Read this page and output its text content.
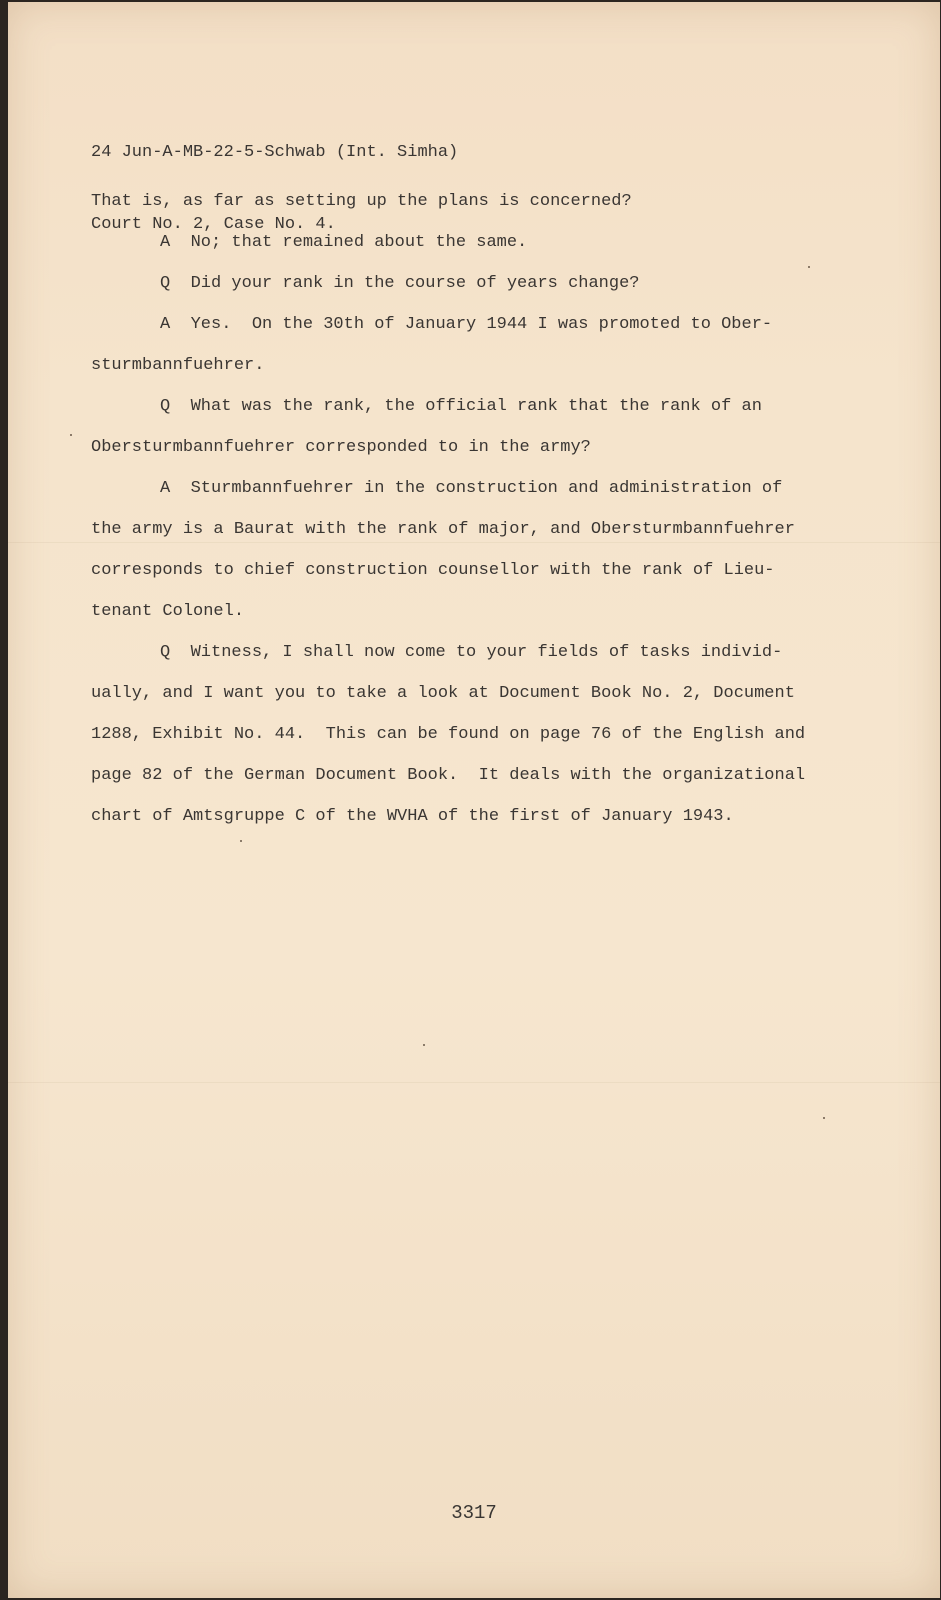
24 Jun-A-MB-22-5-Schwab (Int. Simha)

Court No. 2, Case No. 4.

That is, as far as setting up the plans is concerned?
A  No; that remained about the same.
Q  Did your rank in the course of years change?
A  Yes.  On the 30th of January 1944 I was promoted to Ober-
sturmbannfuehrer.
Q  What was the rank, the official rank that the rank of an
Obersturmbannfuehrer corresponded to in the army?
A  Sturmbannfuehrer in the construction and administration of
the army is a Baurat with the rank of major, and Obersturmbannfuehrer
corresponds to chief construction counsellor with the rank of Lieu-
tenant Colonel.
Q  Witness, I shall now come to your fields of tasks individ-
ually, and I want you to take a look at Document Book No. 2, Document
1288, Exhibit No. 44.  This can be found on page 76 of the English and
page 82 of the German Document Book.  It deals with the organizational
chart of Amtsgruppe C of the WVHA of the first of January 1943.
3317
